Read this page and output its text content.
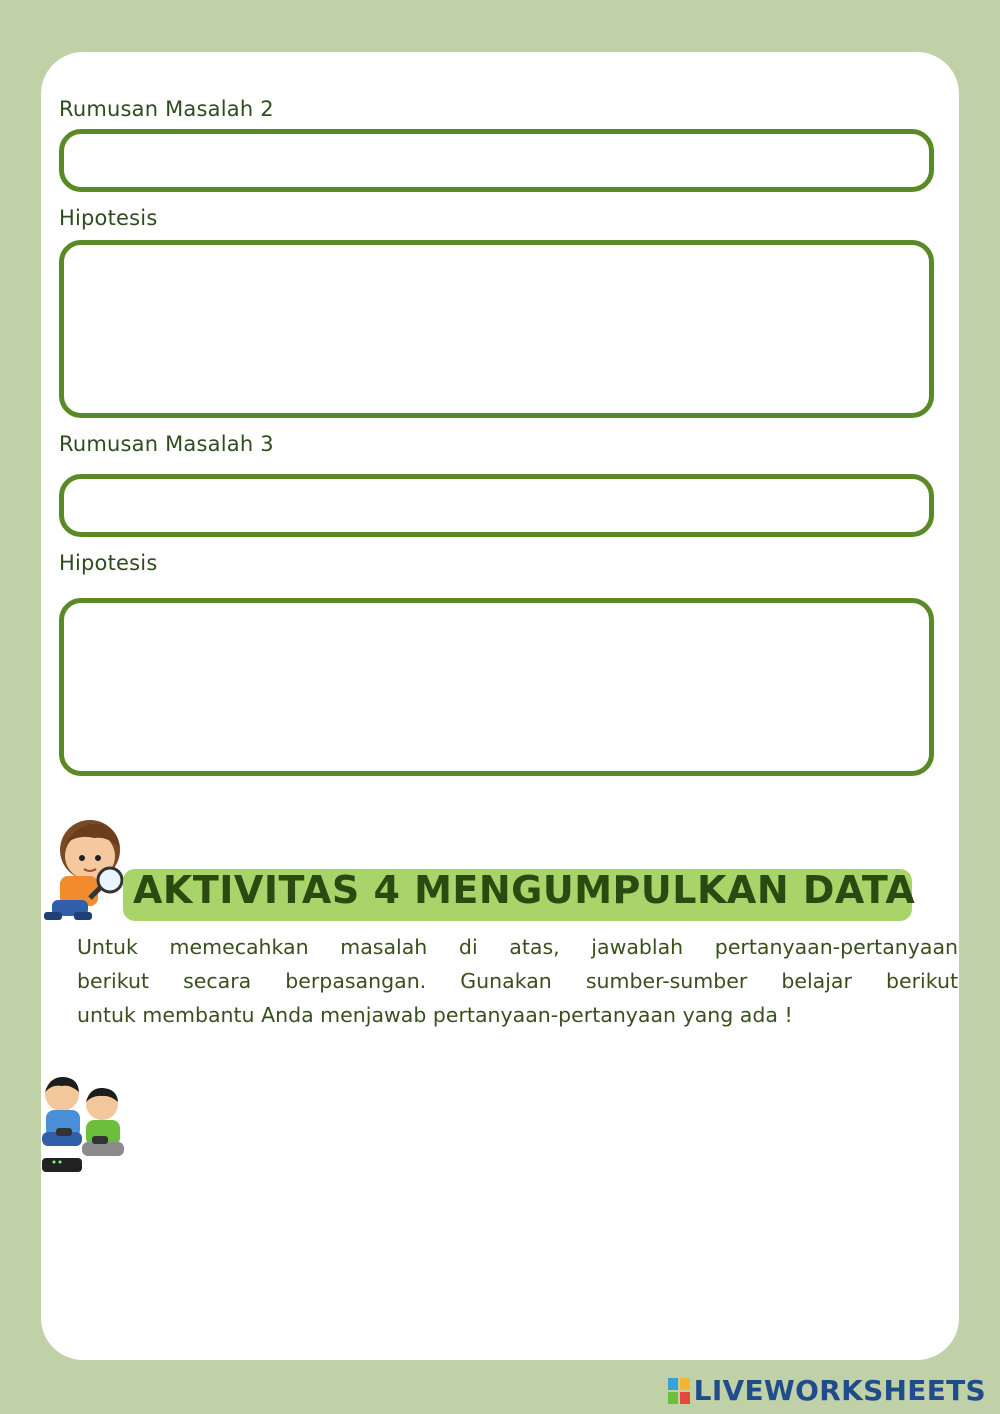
Rumusan Masalah 2
Hipotesis
Rumusan Masalah 3
Hipotesis
AKTIVITAS 4 MENGUMPULKAN DATA
Untuk memecahkan masalah di atas, jawablah pertanyaan-pertanyaan
berikut secara berpasangan. Gunakan sumber-sumber belajar berikut
untuk membantu Anda menjawab pertanyaan-pertanyaan yang ada !
LIVEWORKSHEETS
